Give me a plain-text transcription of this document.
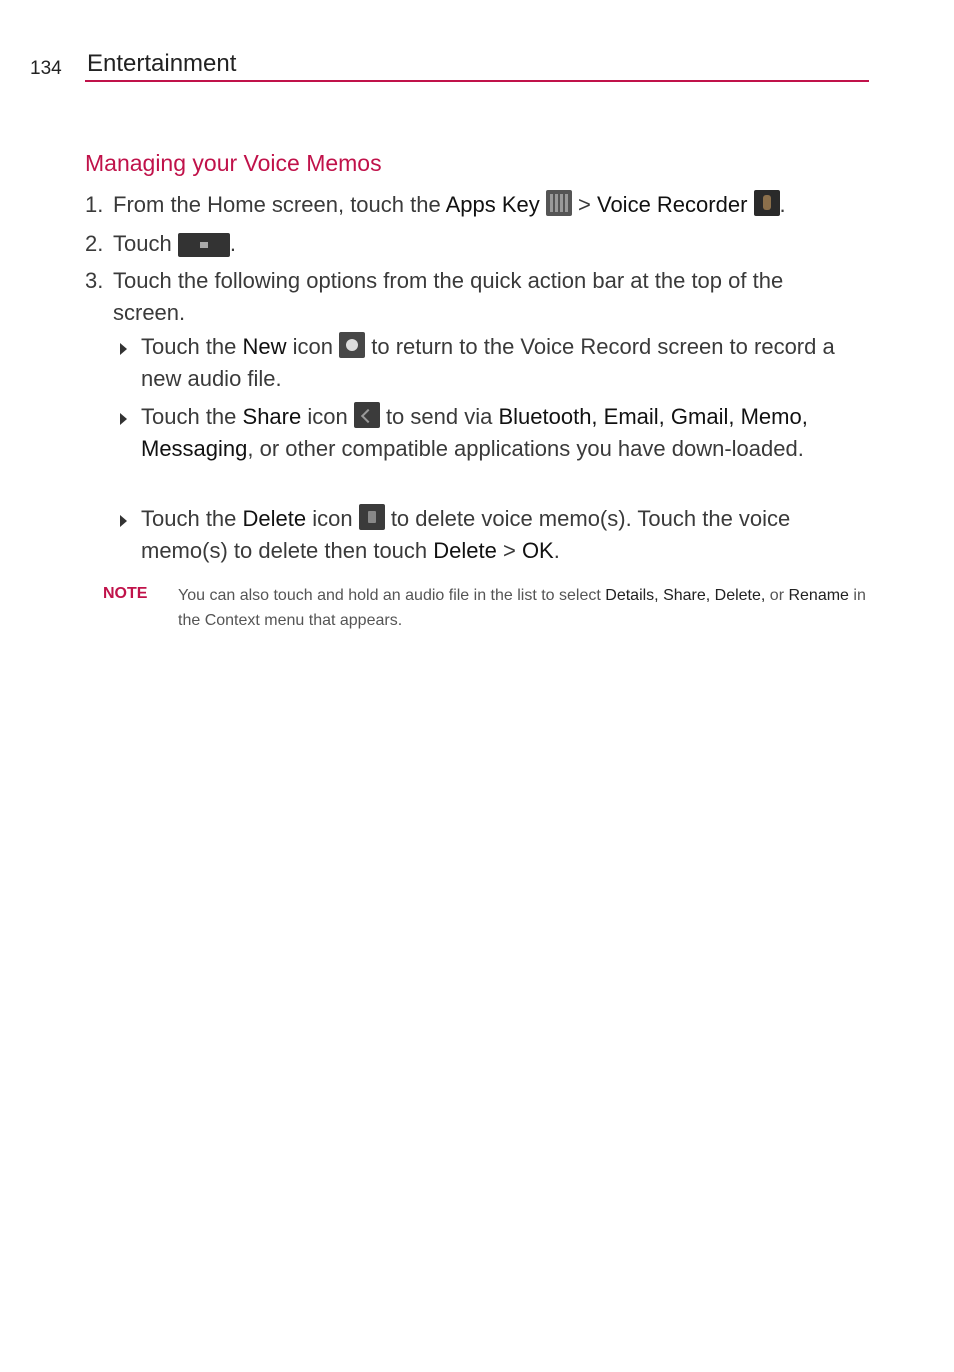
134 Entertainment
Managing your Voice Memos
1. From the Home screen, touch the Apps Key  > Voice Recorder .
2. Touch .
3. Touch the following options from the quick action bar at the top of the screen.
Touch the New icon  to return to the Voice Record screen to record a new audio file.
Touch the Share icon  to send via Bluetooth, Email, Gmail, Memo, Messaging, or other compatible applications you have down-loaded.
Touch the Delete icon  to delete voice memo(s). Touch the voice memo(s) to delete then touch Delete > OK.
NOTE You can also touch and hold an audio file in the list to select Details, Share, Delete, or Rename in the Context menu that appears.
